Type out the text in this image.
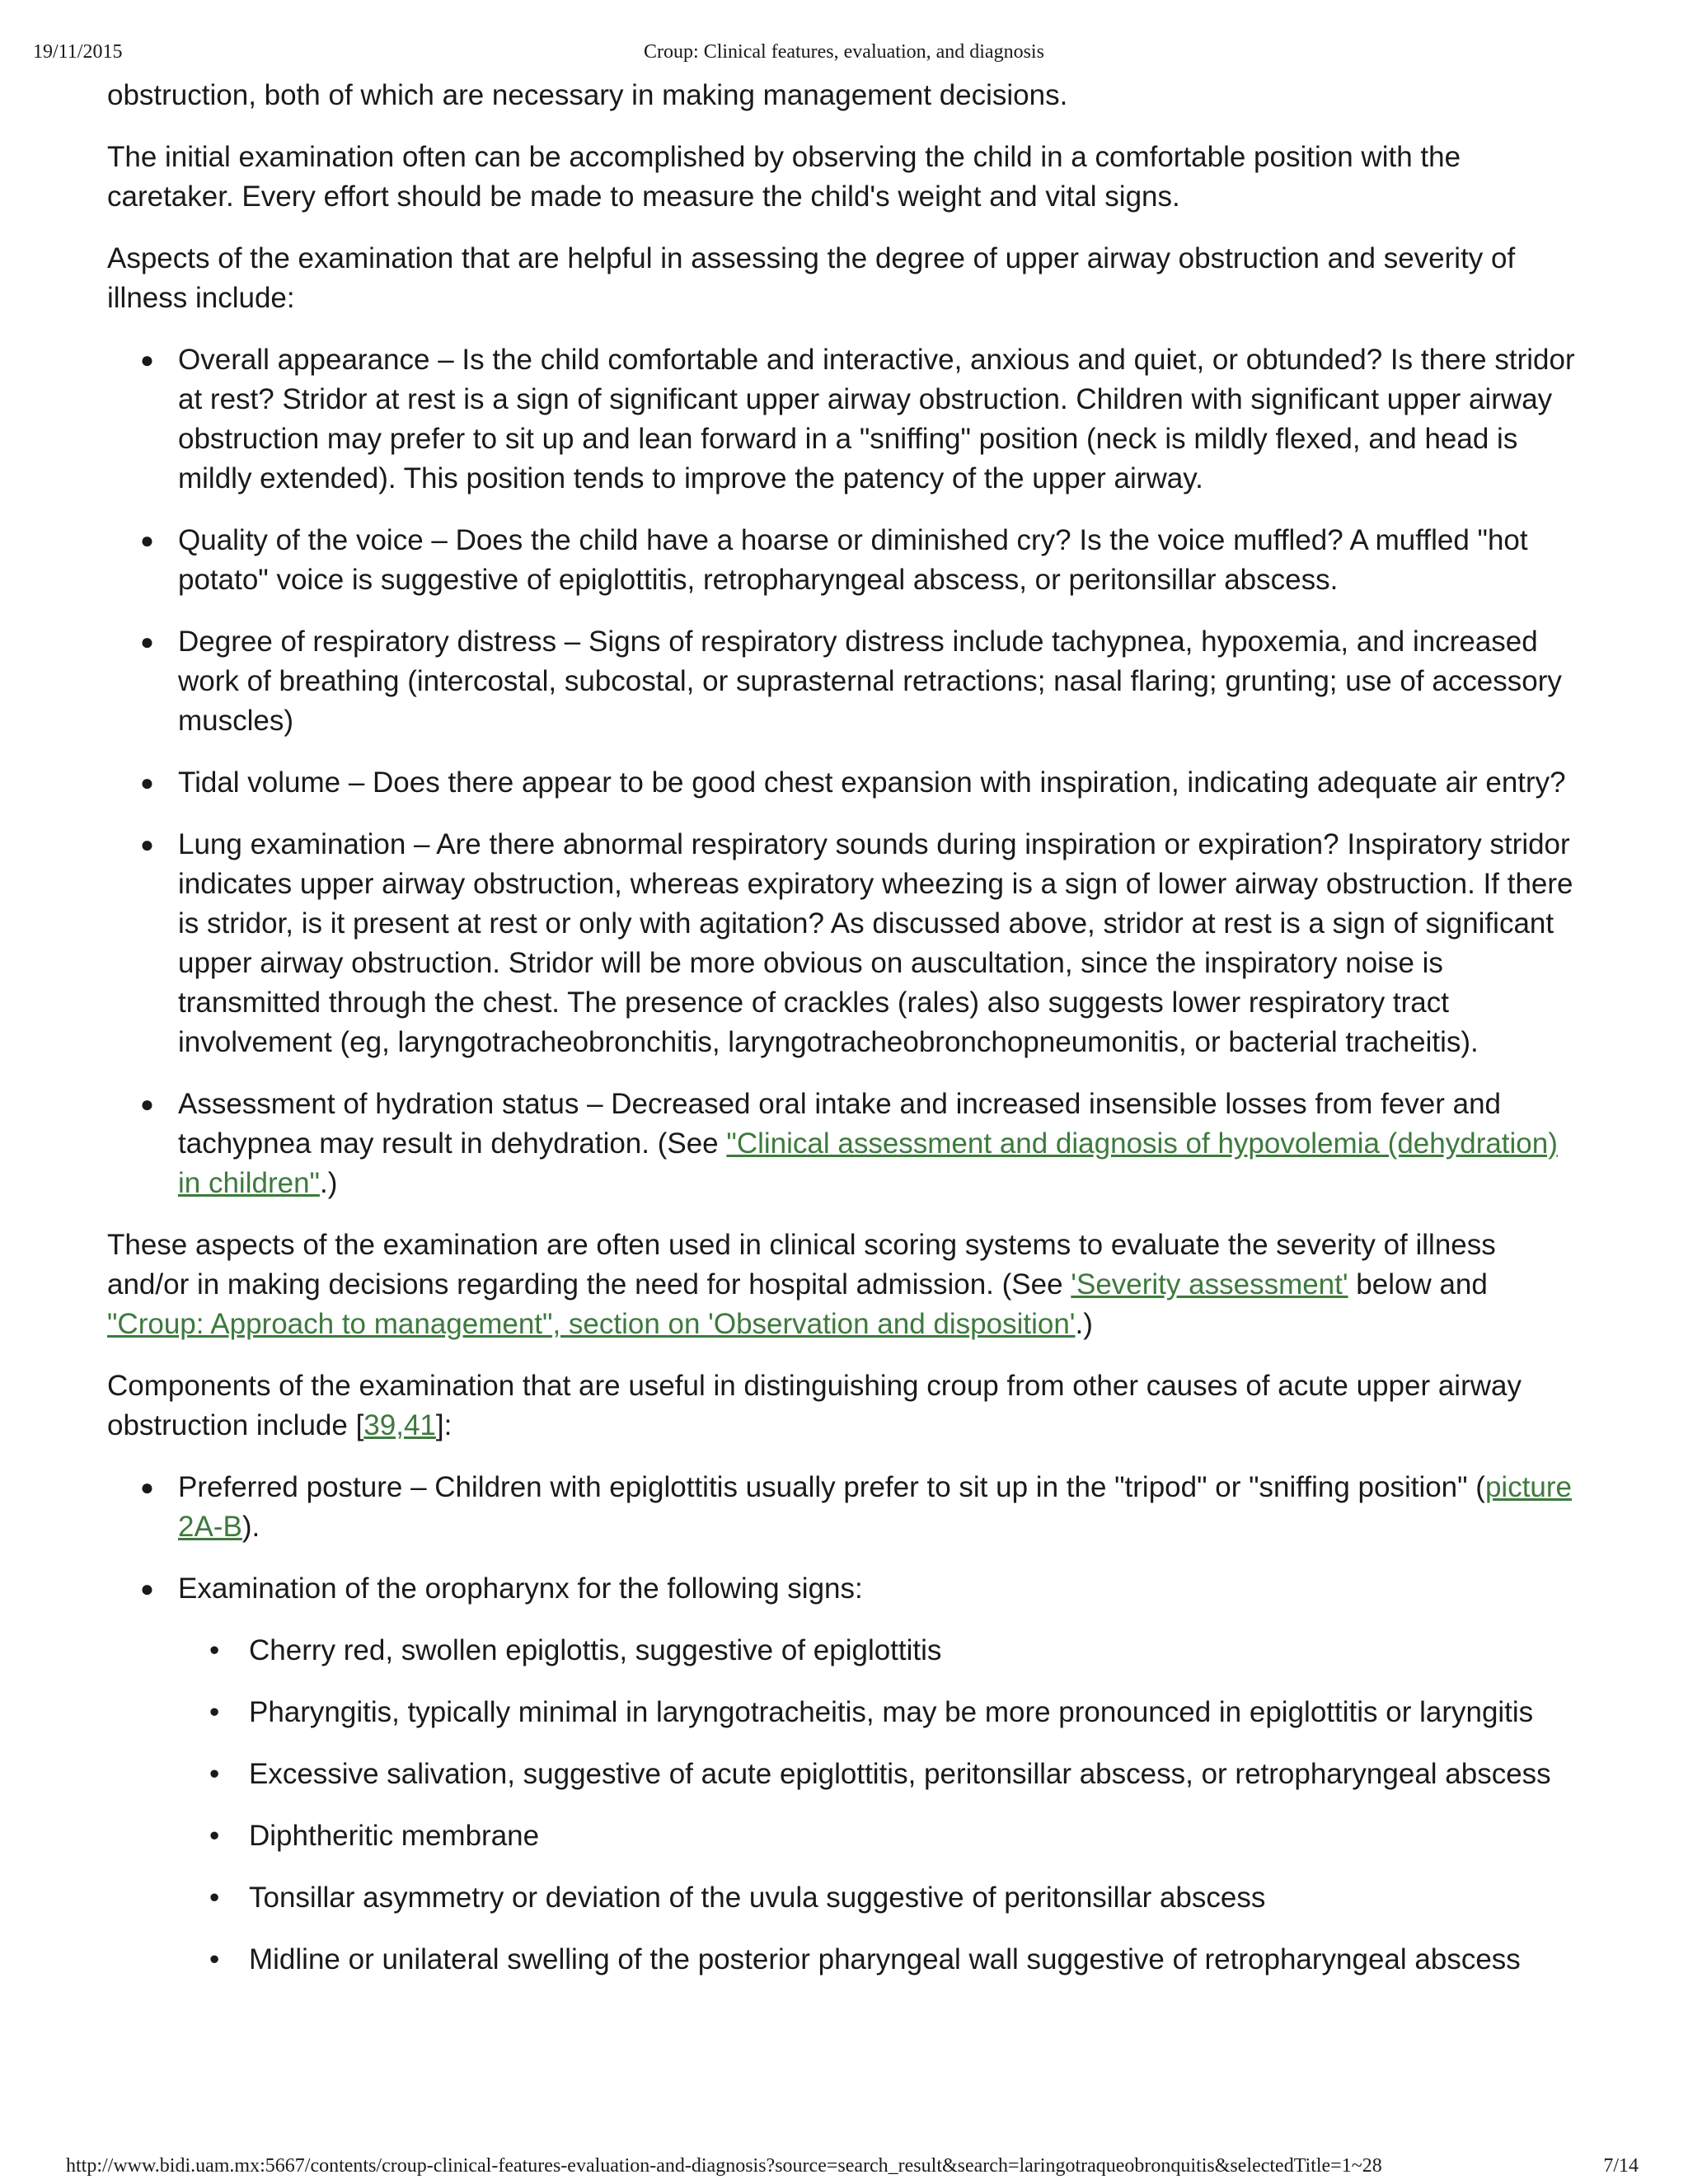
19/11/2015	Croup: Clinical features, evaluation, and diagnosis

obstruction, both of which are necessary in making management decisions.

The initial examination often can be accomplished by observing the child in a comfortable position with the caretaker. Every effort should be made to measure the child's weight and vital signs.

Aspects of the examination that are helpful in assessing the degree of upper airway obstruction and severity of illness include:

● Overall appearance – Is the child comfortable and interactive, anxious and quiet, or obtunded? Is there stridor at rest? Stridor at rest is a sign of significant upper airway obstruction. Children with significant upper airway obstruction may prefer to sit up and lean forward in a "sniffing" position (neck is mildly flexed, and head is mildly extended). This position tends to improve the patency of the upper airway.
● Quality of the voice – Does the child have a hoarse or diminished cry? Is the voice muffled? A muffled "hot potato" voice is suggestive of epiglottitis, retropharyngeal abscess, or peritonsillar abscess.
● Degree of respiratory distress – Signs of respiratory distress include tachypnea, hypoxemia, and increased work of breathing (intercostal, subcostal, or suprasternal retractions; nasal flaring; grunting; use of accessory muscles)
● Tidal volume – Does there appear to be good chest expansion with inspiration, indicating adequate air entry?
● Lung examination – Are there abnormal respiratory sounds during inspiration or expiration? Inspiratory stridor indicates upper airway obstruction, whereas expiratory wheezing is a sign of lower airway obstruction. If there is stridor, is it present at rest or only with agitation? As discussed above, stridor at rest is a sign of significant upper airway obstruction. Stridor will be more obvious on auscultation, since the inspiratory noise is transmitted through the chest. The presence of crackles (rales) also suggests lower respiratory tract involvement (eg, laryngotracheobronchitis, laryngotracheobronchopneumonitis, or bacterial tracheitis).
● Assessment of hydration status – Decreased oral intake and increased insensible losses from fever and tachypnea may result in dehydration. (See "Clinical assessment and diagnosis of hypovolemia (dehydration) in children".)

These aspects of the examination are often used in clinical scoring systems to evaluate the severity of illness and/or in making decisions regarding the need for hospital admission. (See 'Severity assessment' below and "Croup: Approach to management", section on 'Observation and disposition'.)

Components of the examination that are useful in distinguishing croup from other causes of acute upper airway obstruction include [39,41]:

● Preferred posture – Children with epiglottitis usually prefer to sit up in the "tripod" or "sniffing position" (picture 2A-B).
● Examination of the oropharynx for the following signs:
• Cherry red, swollen epiglottis, suggestive of epiglottitis
• Pharyngitis, typically minimal in laryngotracheitis, may be more pronounced in epiglottitis or laryngitis
• Excessive salivation, suggestive of acute epiglottitis, peritonsillar abscess, or retropharyngeal abscess
• Diphtheritic membrane
• Tonsillar asymmetry or deviation of the uvula suggestive of peritonsillar abscess
• Midline or unilateral swelling of the posterior pharyngeal wall suggestive of retropharyngeal abscess
http://www.bidi.uam.mx:5667/contents/croup-clinical-features-evaluation-and-diagnosis?source=search_result&search=laringotraqueobronquitis&selectedTitle=1~28	7/14
